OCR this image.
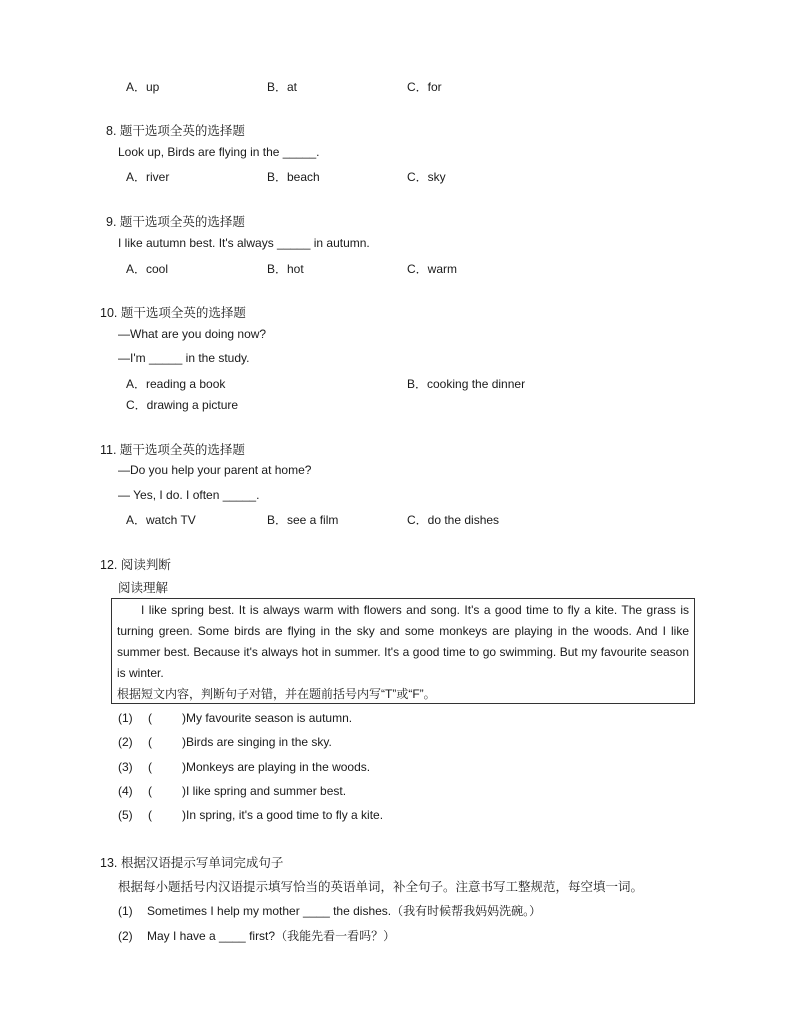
A．up	B．at	C．for
8. 题干选项全英的选择题
Look up, Birds are flying in the _____.
A．river	B．beach	C．sky
9. 题干选项全英的选择题
I like autumn best. It's always _____ in autumn.
A．cool	B．hot	C．warm
10. 题干选项全英的选择题
—What are you doing now?
—I'm _____ in the study.
A．reading a book	B．cooking the dinner
C．drawing a picture
11. 题干选项全英的选择题
—Do you help your parent at home?
— Yes, I do. I often _____.
A．watch TV	B．see a film	C．do the dishes
12. 阅读判断
阅读理解
I like spring best. It is always warm with flowers and song. It's a good time to fly a kite. The grass is turning green. Some birds are flying in the sky and some monkeys are playing in the woods. And I like summer best. Because it's always hot in summer. It's a good time to go swimming. But my favourite season is winter.
根据短文内容，判断句子对错，并在题前括号内写“T”或“F”。
(1) (	)My favourite season is autumn.
(2) (	)Birds are singing in the sky.
(3) (	)Monkeys are playing in the woods.
(4) (	)I like spring and summer best.
(5) (	)In spring, it's a good time to fly a kite.
13. 根据汉语提示写单词完成句子
根据每小题括号内汉语提示填写恰当的英语单词，补全句子。注意书写工整规范，每空填一词。
(1) Sometimes I help my mother ____ the dishes.（我有时候帮我妈妈洗碗。）
(2) May I have a ____ first?（我能先看一看吗？）
